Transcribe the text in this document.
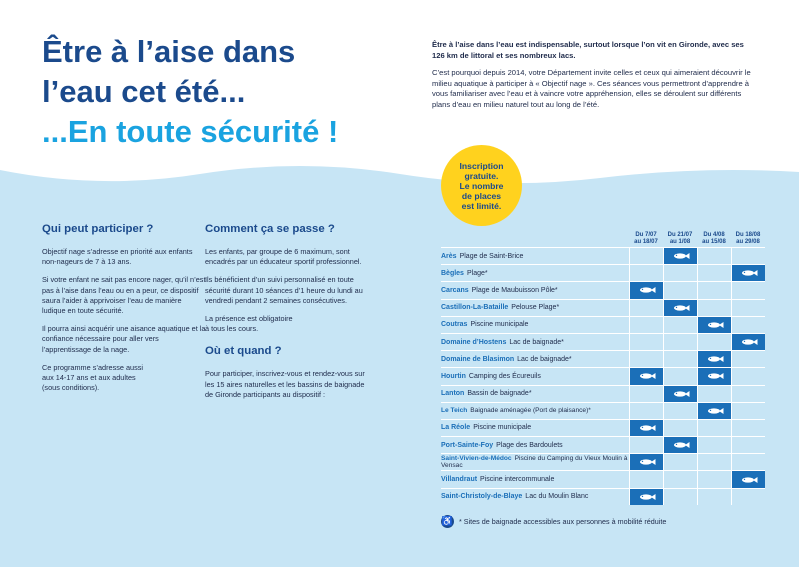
Être à l’aise dans
l’eau cet été...
...En toute sécurité !

Être à l’aise dans l’eau est indispensable, surtout lorsque l’on vit en Gironde, avec ses 126 km de littoral et ses nombreux lacs.

C’est pourquoi depuis 2014, votre Département invite celles et ceux qui aimeraient découvrir le milieu aquatique à participer à « Objectif nage ». Ces séances vous permettront d’apprendre à vous familiariser avec l’eau et à vaincre votre appréhension, elles se déroulent sur différents plans d’eau en milieu naturel tout au long de l’été.

Inscription
gratuite.
Le nombre
de places
est limité.
Qui peut participer ?

Objectif nage s’adresse en priorité aux enfants non-nageurs de 7 à 13 ans.

Si votre enfant ne sait pas encore nager, qu’il n’est pas à l’aise dans l’eau ou en a peur, ce dispositif saura l’aider à apprivoiser l’eau de manière ludique en toute sécurité.

Il pourra ainsi acquérir une aisance aquatique et la confiance nécessaire pour aller vers l’apprentissage de la nage.

Ce programme s’adresse aussi
aux 14-17 ans et aux adultes
(sous conditions).

Comment ça se passe ?

Les enfants, par groupe de 6 maximum, sont encadrés par un éducateur sportif professionnel.

Ils bénéficient d’un suivi personnalisé en toute sécurité durant 10 séances d’1 heure du lundi au vendredi pendant 2 semaines consécutives.

La présence est obligatoire
à tous les cours.

Où et quand ?

Pour participer, inscrivez-vous et rendez-vous sur les 15 aires naturelles et les bassins de baignade de Gironde participants au dispositif :

Du 7/07
au 18/07
Du 21/07
au 1/08
Du 4/08
au 15/08
Du 18/08
au 29/08
Arès Plage de Saint-Brice
Bègles Plage*
Carcans Plage de Maubuisson Pôle*
Castillon-La-Bataille Pelouse Plage*
Coutras Piscine municipale
Domaine d’Hostens Lac de baignade*
Domaine de Blasimon Lac de baignade*
Hourtin Camping des Écureuils
Lanton Bassin de baignade*
Le Teich Baignade aménagée (Port de plaisance)*
La Réole Piscine municipale
Port-Sainte-Foy Plage des Bardoulets
Saint-Vivien-de-Médoc Piscine du Camping du Vieux Moulin à Vensac
Villandraut Piscine intercommunale
Saint-Christoly-de-Blaye Lac du Moulin Blanc
♿ * Sites de baignade accessibles aux personnes à mobilité réduite
